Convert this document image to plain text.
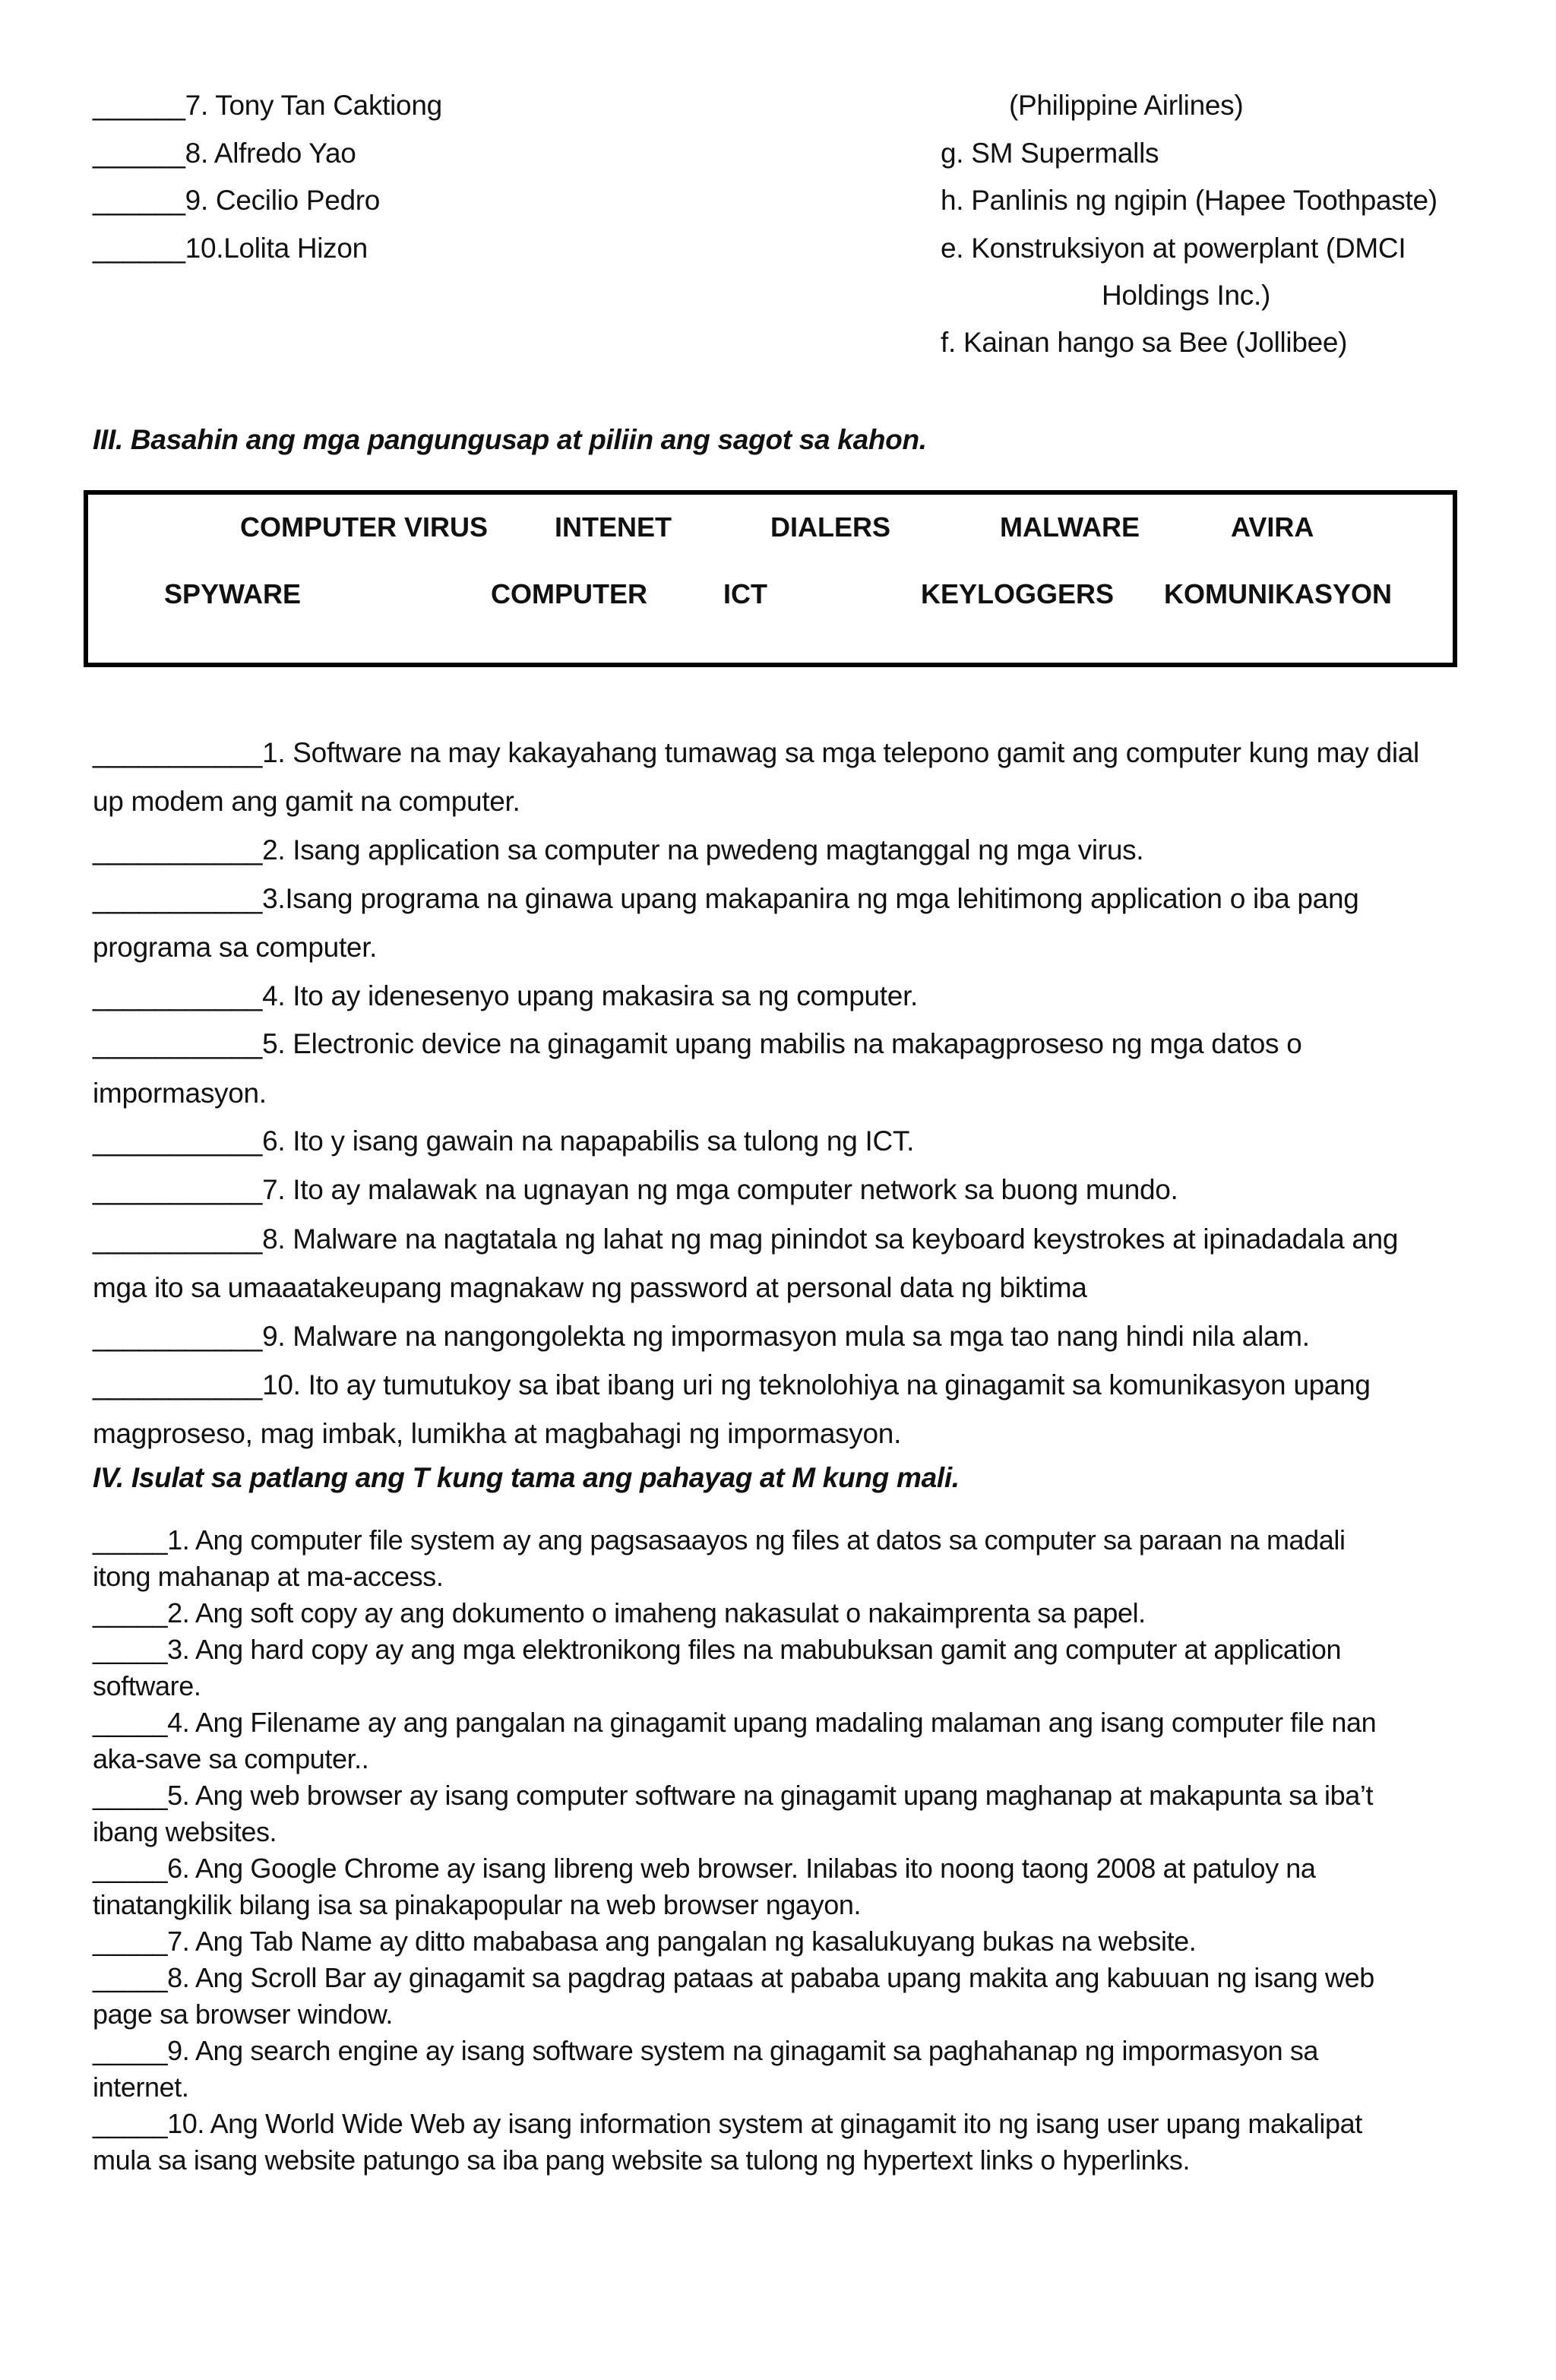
______7. Tony Tan Caktiong
______8. Alfredo Yao
______9. Cecilio Pedro
______10.Lolita Hizon
(Philippine Airlines)
g. SM Supermalls
h. Panlinis ng ngipin (Hapee Toothpaste)
e. Konstruksiyon at powerplant (DMCI
Holdings Inc.)
f. Kainan hango sa Bee (Jollibee)
III. Basahin ang mga pangungusap at piliin ang sagot sa kahon.
COMPUTER VIRUS INTENET	DIALERS	MALWARE	AVIRA
SPYWARE	COMPUTER	ICT	KEYLOGGERS KOMUNIKASYON
___________1. Software na may kakayahang tumawag sa mga telepono gamit ang computer kung may dial
up modem ang gamit na computer.
___________2. Isang application sa computer na pwedeng magtanggal ng mga virus.
___________3.Isang programa na ginawa upang makapanira ng mga lehitimong application o iba pang
programa sa computer.
___________4. Ito ay idenesenyo upang makasira sa ng computer.
___________5. Electronic device na ginagamit upang mabilis na makapagproseso ng mga datos o
impormasyon.
___________6. Ito y isang gawain na napapabilis sa tulong ng ICT.
___________7. Ito ay malawak na ugnayan ng mga computer network sa buong mundo.
___________8. Malware na nagtatala ng lahat ng mag pinindot sa keyboard keystrokes at ipinadadala ang
mga ito sa umaaatakeupang magnakaw ng password at personal data ng biktima
___________9. Malware na nangongolekta ng impormasyon mula sa mga tao nang hindi nila alam.
___________10. Ito ay tumutukoy sa ibat ibang uri ng teknolohiya na ginagamit sa komunikasyon upang
magproseso, mag imbak, lumikha at magbahagi ng impormasyon.
IV. Isulat sa patlang ang T kung tama ang pahayag at M kung mali.
_____1. Ang computer file system ay ang pagsasaayos ng files at datos sa computer sa paraan na madali
itong mahanap at ma-access.
_____2. Ang soft copy ay ang dokumento o imaheng nakasulat o nakaimprenta sa papel.
_____3. Ang hard copy ay ang mga elektronikong files na mabubuksan gamit ang computer at application
software.
_____4. Ang Filename ay ang pangalan na ginagamit upang madaling malaman ang isang computer file nan
aka-save sa computer..
_____5. Ang web browser ay isang computer software na ginagamit upang maghanap at makapunta sa iba’t
ibang websites.
_____6. Ang Google Chrome ay isang libreng web browser. Inilabas ito noong taong 2008 at patuloy na
tinatangkilik bilang isa sa pinakapopular na web browser ngayon.
_____7. Ang Tab Name ay ditto mababasa ang pangalan ng kasalukuyang bukas na website.
_____8. Ang Scroll Bar ay ginagamit sa pagdrag pataas at pababa upang makita ang kabuuan ng isang web
page sa browser window.
_____9. Ang search engine ay isang software system na ginagamit sa paghahanap ng impormasyon sa
internet.
_____10. Ang World Wide Web ay isang information system at ginagamit ito ng isang user upang makalipat
mula sa isang website patungo sa iba pang website sa tulong ng hypertext links o hyperlinks.
